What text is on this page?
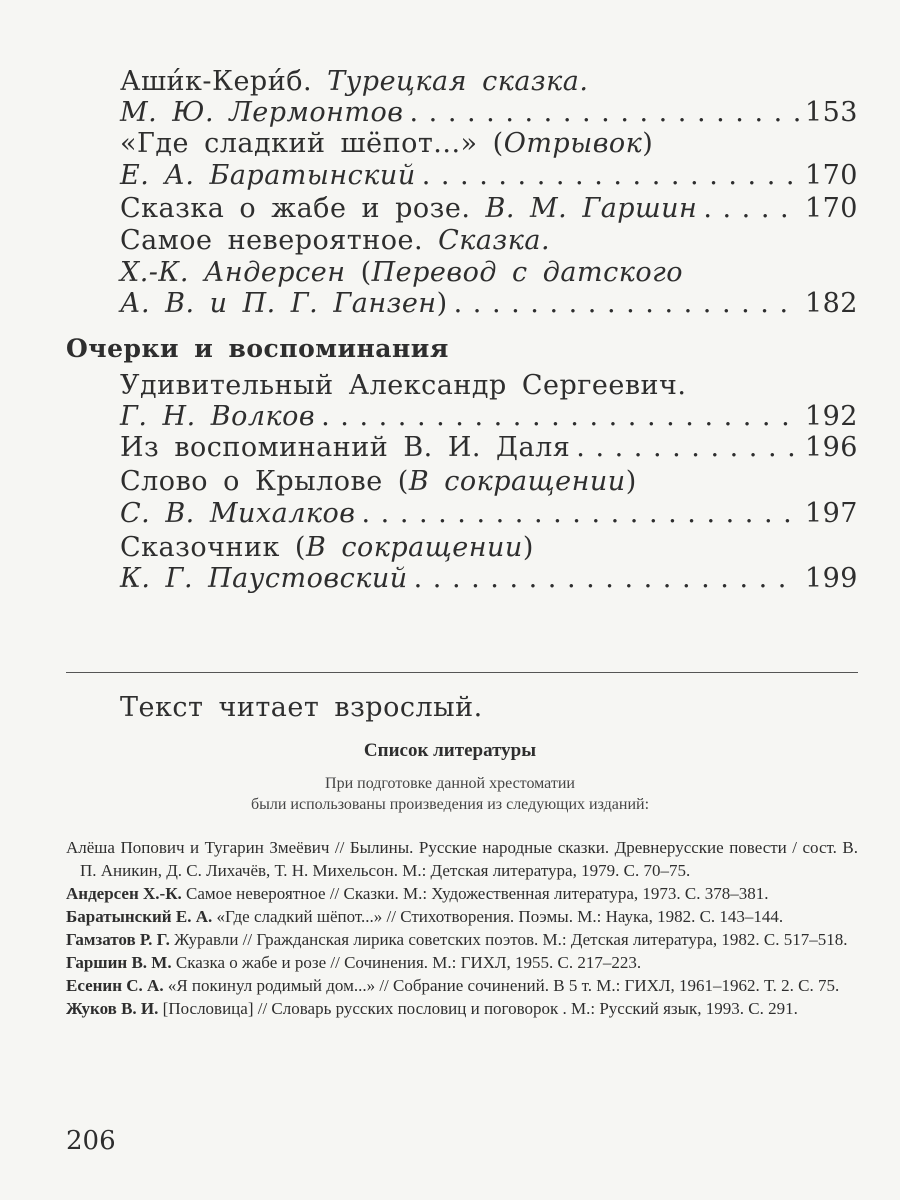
Аши́к-Кери́б. Турецкая сказка.
М. Ю. Лермонтов . . .	153
«Где сладкий шёпот...» ( Отрывок )
Е. А. Баратынский . . .	170
Сказка о жабе и розе. В. М. Гаршин . . .	170
Самое невероятное. Сказка.
Х.-К. Андерсен ( Перевод с датского
А. В. и П. Г. Ганзен ) . . .	182
Удивительный Александр Сергеевич.
Г. Н. Волков . . .	192
Из воспоминаний В. И. Даля . . .	196
Слово о Крылове ( В сокращении )
С. В. Михалков . . .	197
Сказочник ( В сокращении )
К. Г. Паустовский . . .	199
Очерки и воспоминания
Текст читает взрослый.
Список литературы
При подготовке данной хрестоматии
были использованы произведения из следующих изданий:
Алёша Попович и Тугарин Змеёвич // Былины. Русские народные сказки. Древнерусские повести / сост. В. П. Аникин, Д. С. Лихачёв, Т. Н. Михельсон. М.: Детская литература, 1979. С. 70–75.
Андерсен Х.-К. Самое невероятное // Сказки. М.: Художественная литература, 1973. С. 378–381.
Баратынский Е. А. «Где сладкий шёпот...» // Стихотворения. Поэмы. М.: Наука, 1982. С. 143–144.
Гамзатов Р. Г. Журавли // Гражданская лирика советских поэтов. М.: Детская литература, 1982. С. 517–518.
Гаршин В. М. Сказка о жабе и розе // Сочинения. М.: ГИХЛ, 1955. С. 217–223.
Есенин С. А. «Я покинул родимый дом...» // Собрание сочинений. В 5 т. М.: ГИХЛ, 1961–1962. Т. 2. С. 75.
Жуков В. И. [Пословица] // Словарь русских пословиц и поговорок . М.: Русский язык, 1993. С. 291.
206
